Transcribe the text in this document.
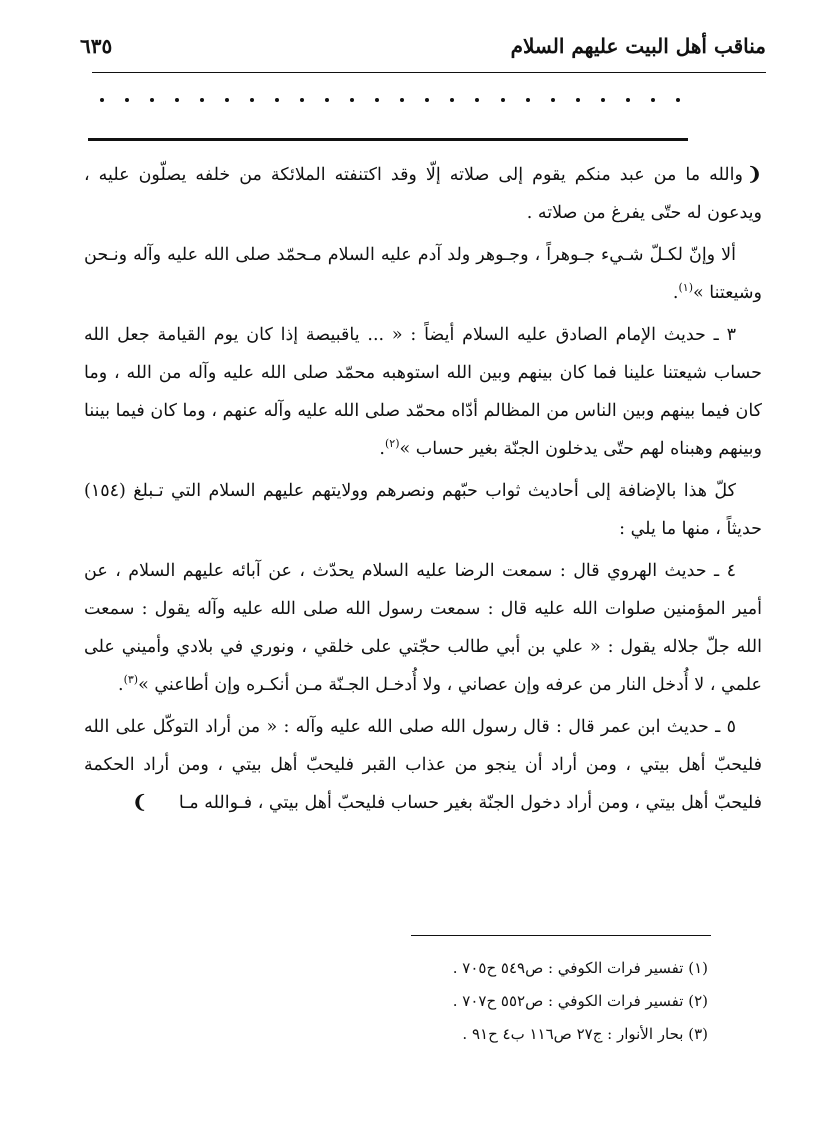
مناقب أهل البيت عليهم السلام
٦٣٥

❨والله ما من عبد منكم يقوم إلى صلاته إلّا وقد اكتنفته الملائكة من خلفه يصلّون عليه ، ويدعون له حتّى يفرغ من صلاته .

ألا وإنّ لكـلّ شـيء جـوهراً ، وجـوهر ولد آدم عليه السلام مـحمّد صلى الله عليه وآله ونـحن وشيعتنا »$^{(١)}$.

٣ ـ حديث الإمام الصادق عليه السلام أيضاً : « ... ياقبيصة إذا كان يوم القيامة جعل الله حساب شيعتنا علينا فما كان بينهم وبين الله استوهبه محمّد صلى الله عليه وآله من الله ، وما كان فيما بينهم وبين الناس من المظالم أدّاه محمّد صلى الله عليه وآله عنهم ، وما كان فيما بيننا وبينهم وهبناه لهم حتّى يدخلون الجنّة بغير حساب »$^{(٢)}$.

كلّ هذا بالإضافة إلى أحاديث ثواب حبّهم ونصرهم وولايتهم عليهم السلام التي تـبلغ (١٥٤) حديثاً ، منها ما يلي :

٤ ـ حديث الهروي قال : سمعت الرضا عليه السلام يحدّث ، عن آبائه عليهم السلام ، عن أمير المؤمنين صلوات الله عليه قال : سمعت رسول الله صلى الله عليه وآله يقول : سمعت الله جلّ جلاله يقول : « علي بن أبي طالب حجّتي على خلقي ، ونوري في بلادي وأميني على علمي ، لا أُدخل النار من عرفه وإن عصاني ، ولا أُدخـل الجـنّة مـن أنكـره وإن أطاعني »$^{(٣)}$.

٥ ـ حديث ابن عمر قال : قال رسول الله صلى الله عليه وآله : « من أراد التوكّل على الله فليحبّ أهل بيتي ، ومن أراد أن ينجو من عذاب القبر فليحبّ أهل بيتي ، ومن أراد الحكمة فليحبّ أهل بيتي ، ومن أراد دخول الجنّة بغير حساب فليحبّ أهل بيتي ، فـوالله مـا ❩

(١) تفسير فرات الكوفي : ص٥٤٩ ح٧٠٥ .
(٢) تفسير فرات الكوفي : ص٥٥٢ ح٧٠٧ .
(٣) بحار الأنوار : ج٢٧ ص١١٦ ب٤ ح٩١ .
